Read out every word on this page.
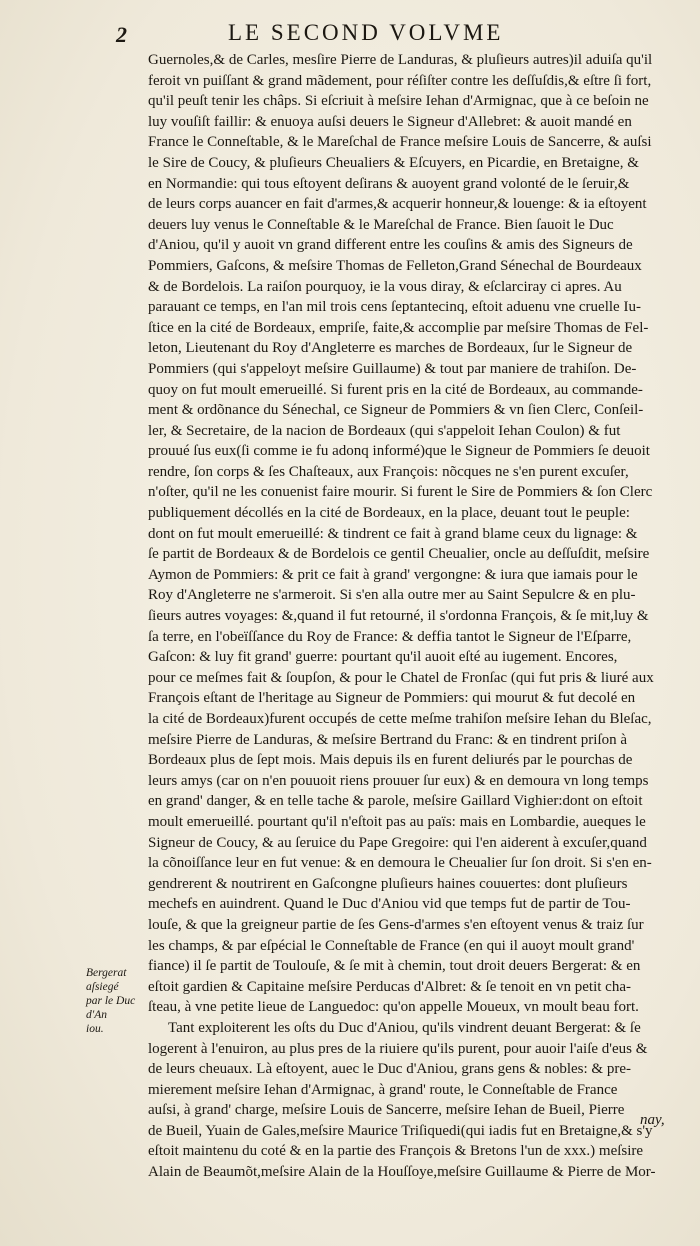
2	LE SECOND VOLVME
Guernoles,& de Carles, mesſire Pierre de Landuras, & pluſieurs autres)il aduiſa qu'il
feroit vn puiſſant & grand mãdement, pour réſiſter contre les deſſuſdis,& eſtre ſi fort,
qu'il peuſt tenir les châps. Si eſcriuit à meſsire Iehan d'Armignac, que à ce beſoin ne
luy vouſiſt faillir: & enuoya auſsi deuers le Signeur d'Allebret: & auoit mandé en
France le Conneſtable, & le Mareſchal de France meſsire Louis de Sancerre, & auſsi
le Sire de Coucy, & pluſieurs Cheualiers & Eſcuyers, en Picardie, en Bretaigne, &
en Normandie: qui tous eſtoyent deſirans & auoyent grand volonté de le ſeruir,&
de leurs corps auancer en fait d'armes,& acquerir honneur,& louenge: & ia eſtoyent
deuers luy venus le Conneſtable & le Mareſchal de France. Bien ſauoit le Duc
d'Aniou, qu'il y auoit vn grand different entre les couſins & amis des Signeurs de
Pommiers, Gaſcons, & meſsire Thomas de Felleton,Grand Sénechal de Bourdeaux
& de Bordelois. La raiſon pourquoy, ie la vous diray, & eſclarciray ci apres. Au
parauant ce temps, en l'an mil trois cens ſeptantecinq, eſtoit aduenu vne cruelle Iu-
ſtice en la cité de Bordeaux, empriſe, faite,& accomplie par meſsire Thomas de Fel-
leton, Lieutenant du Roy d'Angleterre es marches de Bordeaux, ſur le Signeur de
Pommiers (qui s'appeloyt meſsire Guillaume) & tout par maniere de trahiſon. De-
quoy on fut moult emerueillé. Si furent pris en la cité de Bordeaux, au commande-
ment & ordõnance du Sénechal, ce Signeur de Pommiers & vn ſien Clerc, Conſeil-
ler, & Secretaire, de la nacion de Bordeaux (qui s'appeloit Iehan Coulon) & fut
prouué ſus eux(ſi comme ie fu adonq informé)que le Signeur de Pommiers ſe deuoit
rendre, ſon corps & ſes Chaſteaux, aux François: nõcques ne s'en purent excuſer,
n'oſter, qu'il ne les conuenist faire mourir. Si furent le Sire de Pommiers & ſon Clerc
publiquement décollés en la cité de Bordeaux, en la place, deuant tout le peuple:
dont on fut moult emerueillé: & tindrent ce fait à grand blame ceux du lignage: &
ſe partit de Bordeaux & de Bordelois ce gentil Cheualier, oncle au deſſuſdit, meſsire
Aymon de Pommiers: & prit ce fait à grand' vergongne: & iura que iamais pour le
Roy d'Angleterre ne s'armeroit. Si s'en alla outre mer au Saint Sepulcre & en plu-
ſieurs autres voyages: &,quand il fut retourné, il s'ordonna François, & ſe mit,luy &
ſa terre, en l'obeïſſance du Roy de France: & deffia tantot le Signeur de l'Eſparre,
Gaſcon: & luy fit grand' guerre: pourtant qu'il auoit eſté au iugement. Encores,
pour ce meſmes fait & ſoupſon, & pour le Chatel de Fronſac (qui fut pris & liuré aux
François eſtant de l'heritage au Signeur de Pommiers: qui mourut & fut decolé en
la cité de Bordeaux)furent occupés de cette meſme trahiſon meſsire Iehan du Bleſac,
meſsire Pierre de Landuras, & meſsire Bertrand du Franc: & en tindrent priſon à
Bordeaux plus de ſept mois. Mais depuis ils en furent deliurés par le pourchas de
leurs amys (car on n'en pouuoit riens prouuer ſur eux) & en demoura vn long temps
en grand' danger, & en telle tache & parole, meſsire Gaillard Vighier:dont on eſtoit
moult emerueillé. pourtant qu'il n'eſtoit pas au païs: mais en Lombardie, aueques le
Signeur de Coucy, & au ſeruice du Pape Gregoire: qui l'en aiderent à excuſer,quand
la cõnoiſſance leur en fut venue: & en demoura le Cheualier ſur ſon droit. Si s'en en-
gendrerent & noutrirent en Gaſcongne pluſieurs haines couuertes: dont pluſieurs
mechefs en auindrent. Quand le Duc d'Aniou vid que temps fut de partir de Tou-
louſe, & que la greigneur partie de ſes Gens-d'armes s'en eſtoyent venus & traiz ſur
les champs, & par eſpécial le Conneſtable de France (en qui il auoyt moult grand'
fiance) il ſe partit de Toulouſe, & ſe mit à chemin, tout droit deuers Bergerat: & en
eſtoit gardien & Capitaine meſsire Perducas d'Albret: & ſe tenoit en vn petit cha-
ſteau, à vne petite lieue de Languedoc: qu'on appelle Moueux, vn moult beau fort.
Tant exploiterent les oſts du Duc d'Aniou, qu'ils vindrent deuant Bergerat: & ſe
logerent à l'enuiron, au plus pres de la riuiere qu'ils purent, pour auoir l'aiſe d'eus &
de leurs cheuaux. Là eſtoyent, auec le Duc d'Aniou, grans gens & nobles: & pre-
mierement meſsire Iehan d'Armignac, à grand' route, le Conneſtable de France
auſsi, à grand' charge, meſsire Louis de Sancerre, meſsire Iehan de Bueil, Pierre
de Bueil, Yuain de Gales,meſsire Maurice Triſiquedi(qui iadis fut en Bretaigne,& s'y
eſtoit maintenu du coté & en la partie des François & Bretons l'un de xxx.) meſsire
Alain de Beaumõt,meſsire Alain de la Houſſoye,meſsire Guillaume & Pierre de Mor-
Bergerat aſsiegé
par le Duc d'An
iou.
nay,
